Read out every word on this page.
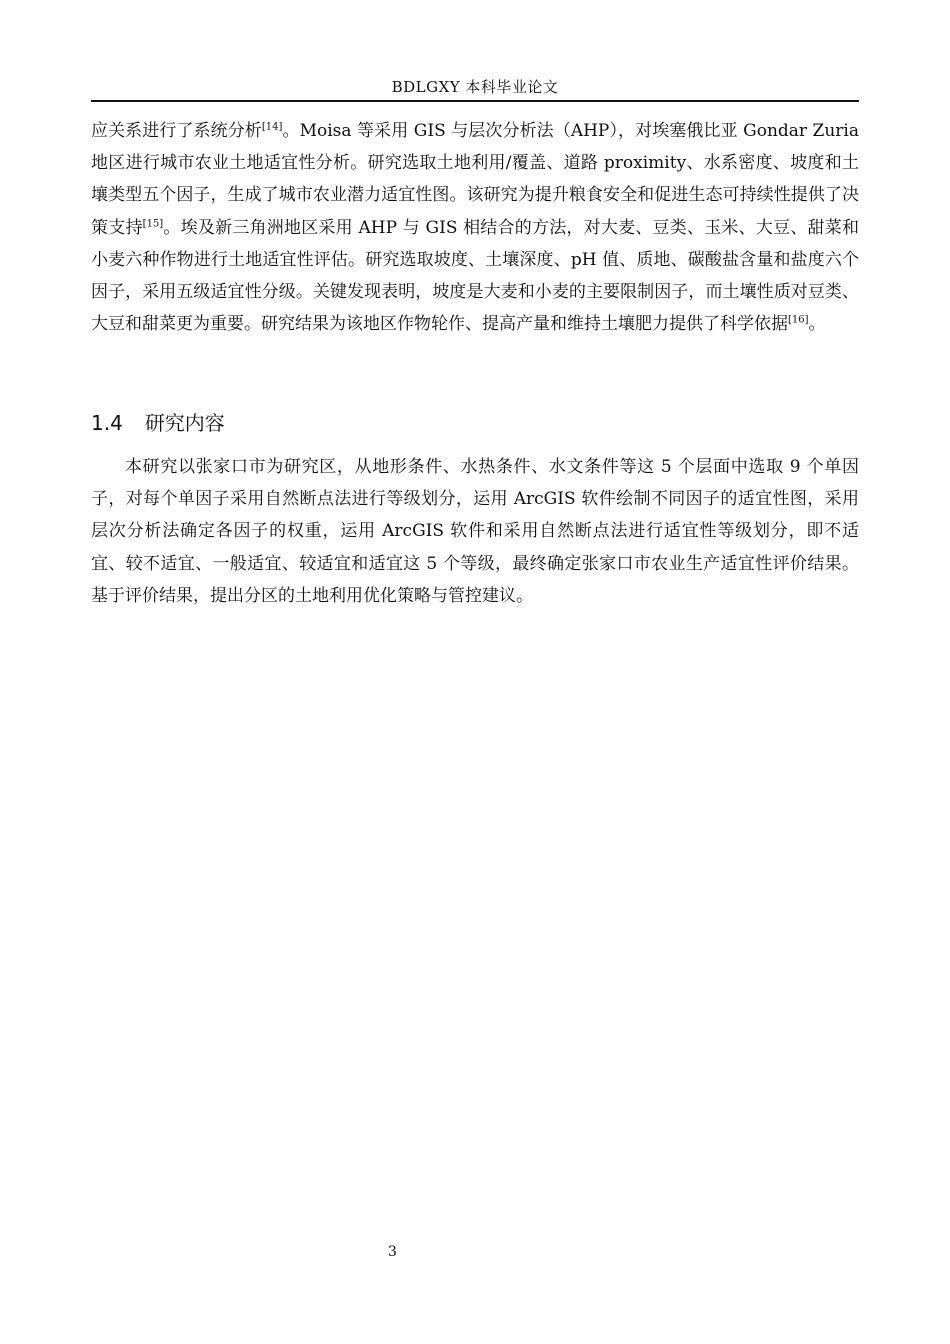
BDLGXY 本科毕业论文
应关系进行了系统分析[14]。Moisa 等采用 GIS 与层次分析法（AHP），对埃塞俄比亚 Gondar Zuria 地区进行城市农业土地适宜性分析。研究选取土地利用/覆盖、道路 proximity、水系密度、坡度和土壤类型五个因子，生成了城市农业潜力适宜性图。该研究为提升粮食安全和促进生态可持续性提供了决策支持[15]。埃及新三角洲地区采用 AHP 与 GIS 相结合的方法，对大麦、豆类、玉米、大豆、甜菜和小麦六种作物进行土地适宜性评估。研究选取坡度、土壤深度、pH 值、质地、碳酸盐含量和盐度六个因子，采用五级适宜性分级。关键发现表明，坡度是大麦和小麦的主要限制因子，而土壤性质对豆类、大豆和甜菜更为重要。研究结果为该地区作物轮作、提高产量和维持土壤肥力提供了科学依据[16]。
1.4 研究内容
本研究以张家口市为研究区，从地形条件、水热条件、水文条件等这 5 个层面中选取 9 个单因子，对每个单因子采用自然断点法进行等级划分，运用 ArcGIS 软件绘制不同因子的适宜性图，采用层次分析法确定各因子的权重，运用 ArcGIS 软件和采用自然断点法进行适宜性等级划分，即不适宜、较不适宜、一般适宜、较适宜和适宜这 5 个等级，最终确定张家口市农业生产适宜性评价结果。基于评价结果，提出分区的土地利用优化策略与管控建议。
3
